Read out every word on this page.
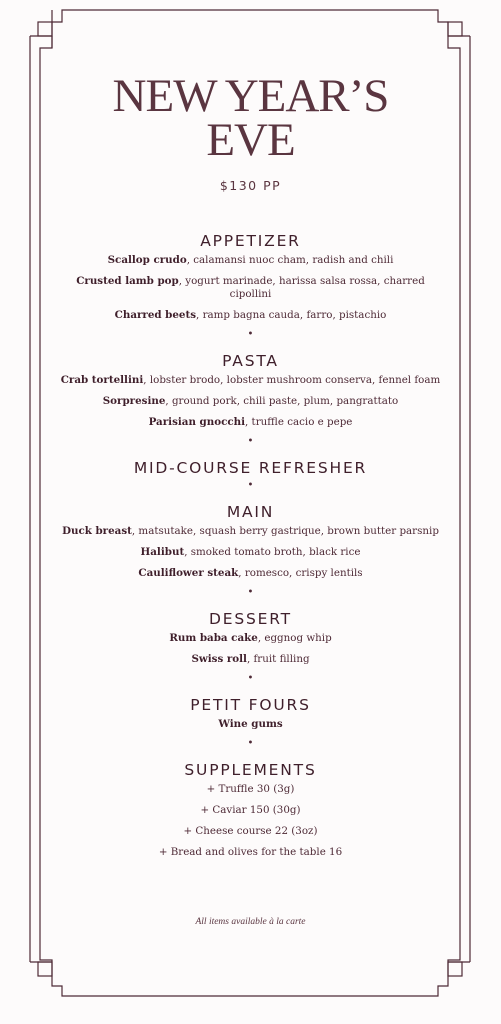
NEW YEAR’S
EVE
$130 PP
APPETIZER
Scallop crudo, calamansi nuoc cham, radish and chili
Crusted lamb pop, yogurt marinade, harissa salsa rossa, charred cipollini
Charred beets, ramp bagna cauda, farro, pistachio
•
PASTA
Crab tortellini, lobster brodo, lobster mushroom conserva, fennel foam
Sorpresine, ground pork, chili paste, plum, pangrattato
Parisian gnocchi, truffle cacio e pepe
•
MID-COURSE REFRESHER
•
MAIN
Duck breast, matsutake, squash berry gastrique, brown butter parsnip
Halibut, smoked tomato broth, black rice
Cauliflower steak, romesco, crispy lentils
•
DESSERT
Rum baba cake, eggnog whip
Swiss roll, fruit filling
•
PETIT FOURS
Wine gums
•
SUPPLEMENTS
+ Truffle 30 (3g)
+ Caviar 150 (30g)
+ Cheese course 22 (3oz)
+ Bread and olives for the table 16
All items available à la carte
